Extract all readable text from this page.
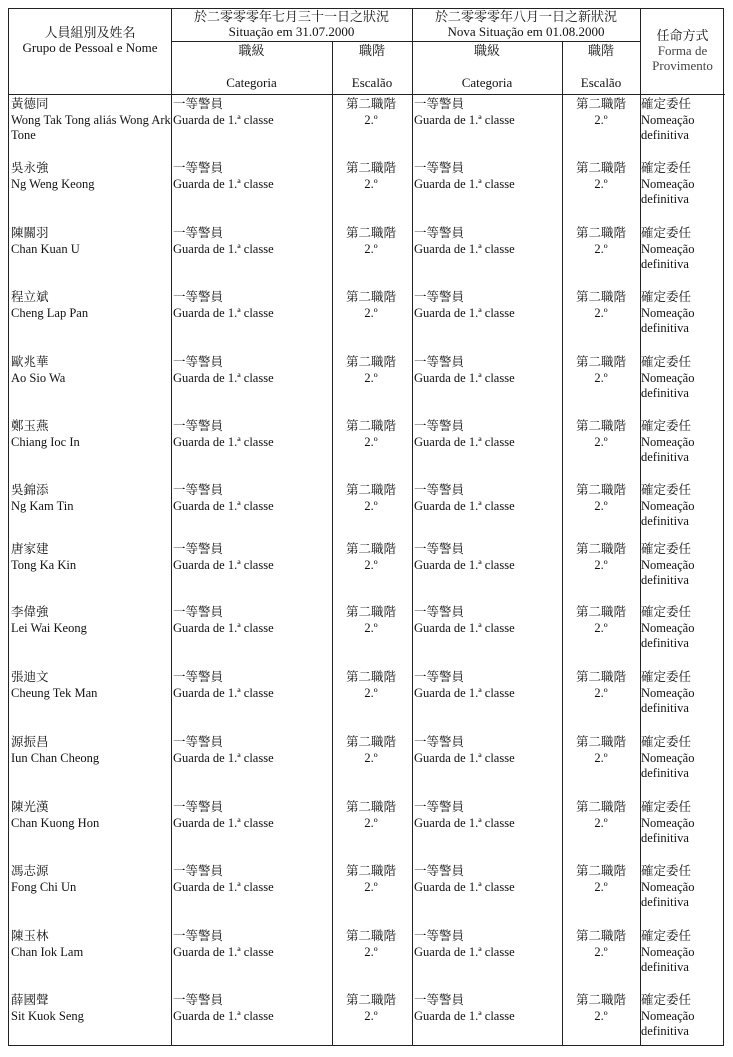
人員組別及姓名
Grupo de Pessoal e Nome
於二零零零年七月三十一日之狀況
Situação em 31.07.2000
於二零零零年八月一日之新狀況
Nova Situação em 01.08.2000
職級
Categoria
職階
Escalão
職級
Categoria
職階
Escalão
任命方式
Forma de
Provimento
黃德同
Wong Tak Tong aliás Wong Ark Tone
一等警員
Guarda de 1.ª classe
第二職階
2.º
一等警員
Guarda de 1.ª classe
第二職階
2.º
確定委任
Nomeação
definitiva
吳永強
Ng Weng Keong
一等警員
Guarda de 1.ª classe
第二職階
2.º
一等警員
Guarda de 1.ª classe
第二職階
2.º
確定委任
Nomeação
definitiva
陳關羽
Chan Kuan U
一等警員
Guarda de 1.ª classe
第二職階
2.º
一等警員
Guarda de 1.ª classe
第二職階
2.º
確定委任
Nomeação
definitiva
程立斌
Cheng Lap Pan
一等警員
Guarda de 1.ª classe
第二職階
2.º
一等警員
Guarda de 1.ª classe
第二職階
2.º
確定委任
Nomeação
definitiva
歐兆華
Ao Sio Wa
一等警員
Guarda de 1.ª classe
第二職階
2.º
一等警員
Guarda de 1.ª classe
第二職階
2.º
確定委任
Nomeação
definitiva
鄭玉燕
Chiang Ioc In
一等警員
Guarda de 1.ª classe
第二職階
2.º
一等警員
Guarda de 1.ª classe
第二職階
2.º
確定委任
Nomeação
definitiva
吳錦添
Ng Kam Tin
一等警員
Guarda de 1.ª classe
第二職階
2.º
一等警員
Guarda de 1.ª classe
第二職階
2.º
確定委任
Nomeação
definitiva
唐家建
Tong Ka Kin
一等警員
Guarda de 1.ª classe
第二職階
2.º
一等警員
Guarda de 1.ª classe
第二職階
2.º
確定委任
Nomeação
definitiva
李偉強
Lei Wai Keong
一等警員
Guarda de 1.ª classe
第二職階
2.º
一等警員
Guarda de 1.ª classe
第二職階
2.º
確定委任
Nomeação
definitiva
張迪文
Cheung Tek Man
一等警員
Guarda de 1.ª classe
第二職階
2.º
一等警員
Guarda de 1.ª classe
第二職階
2.º
確定委任
Nomeação
definitiva
源振昌
Iun Chan Cheong
一等警員
Guarda de 1.ª classe
第二職階
2.º
一等警員
Guarda de 1.ª classe
第二職階
2.º
確定委任
Nomeação
definitiva
陳光漢
Chan Kuong Hon
一等警員
Guarda de 1.ª classe
第二職階
2.º
一等警員
Guarda de 1.ª classe
第二職階
2.º
確定委任
Nomeação
definitiva
馮志源
Fong Chi Un
一等警員
Guarda de 1.ª classe
第二職階
2.º
一等警員
Guarda de 1.ª classe
第二職階
2.º
確定委任
Nomeação
definitiva
陳玉林
Chan Iok Lam
一等警員
Guarda de 1.ª classe
第二職階
2.º
一等警員
Guarda de 1.ª classe
第二職階
2.º
確定委任
Nomeação
definitiva
薛國聲
Sit Kuok Seng
一等警員
Guarda de 1.ª classe
第二職階
2.º
一等警員
Guarda de 1.ª classe
第二職階
2.º
確定委任
Nomeação
definitiva
